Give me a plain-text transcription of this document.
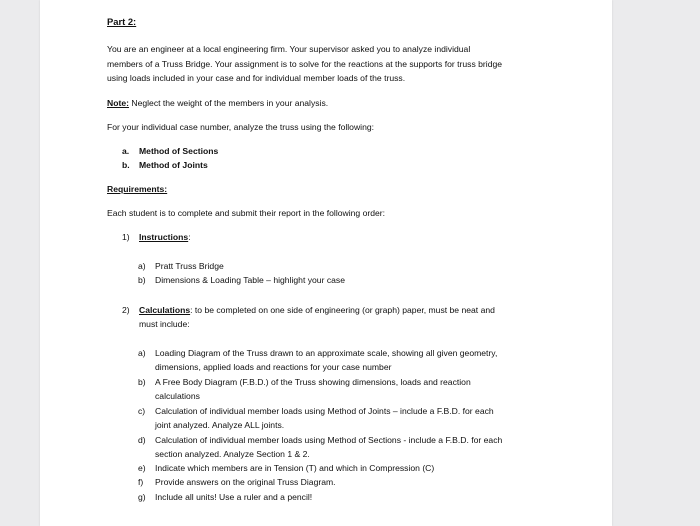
Part 2:
You are an engineer at a local engineering firm. Your supervisor asked you to analyze individual
members of a Truss Bridge. Your assignment is to solve for the reactions at the supports for truss bridge
using loads included in your case and for individual member loads of the truss.
Note: Neglect the weight of the members in your analysis.
For your individual case number, analyze the truss using the following:
a. Method of Sections
b. Method of Joints
Requirements:
Each student is to complete and submit their report in the following order:
1) Instructions:
a) Pratt Truss Bridge
b) Dimensions & Loading Table – highlight your case
2) Calculations: to be completed on one side of engineering (or graph) paper, must be neat and
must include:
a) Loading Diagram of the Truss drawn to an approximate scale, showing all given geometry,
dimensions, applied loads and reactions for your case number
b) A Free Body Diagram (F.B.D.) of the Truss showing dimensions, loads and reaction
calculations
c) Calculation of individual member loads using Method of Joints – include a F.B.D. for each
joint analyzed. Analyze ALL joints.
d) Calculation of individual member loads using Method of Sections - include a F.B.D. for each
section analyzed. Analyze Section 1 & 2.
e) Indicate which members are in Tension (T) and which in Compression (C)
f) Provide answers on the original Truss Diagram.
g) Include all units! Use a ruler and a pencil!
